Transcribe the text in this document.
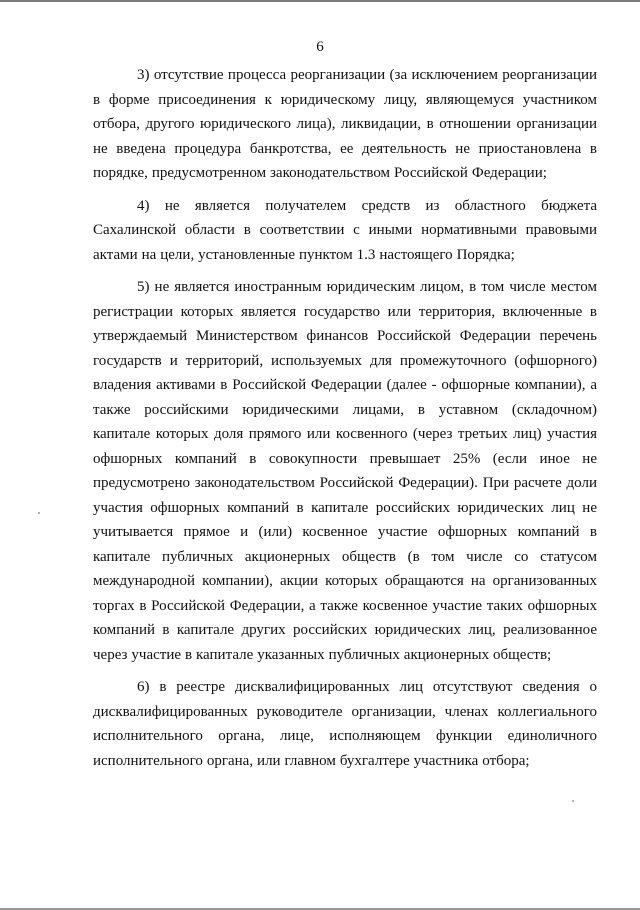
6

3) отсутствие процесса реорганизации (за исключением реорганизации в форме присоединения к юридическому лицу, являющемуся участником отбора, другого юридического лица), ликвидации, в отношении организации не введена процедура банкротства, ее деятельность не приостановлена в порядке, предусмотренном законодательством Российской Федерации;

4) не является получателем средств из областного бюджета Сахалинской области в соответствии с иными нормативными правовыми актами на цели, установленные пунктом 1.3 настоящего Порядка;

5) не является иностранным юридическим лицом, в том числе местом регистрации которых является государство или территория, включенные в утверждаемый Министерством финансов Российской Федерации перечень государств и территорий, используемых для промежуточного (офшорного) владения активами в Российской Федерации (далее - офшорные компании), а также российскими юридическими лицами, в уставном (складочном) капитале которых доля прямого или косвенного (через третьих лиц) участия офшорных компаний в совокупности превышает 25% (если иное не предусмотрено законодательством Российской Федерации). При расчете доли участия офшорных компаний в капитале российских юридических лиц не учитывается прямое и (или) косвенное участие офшорных компаний в капитале публичных акционерных обществ (в том числе со статусом международной компании), акции которых обращаются на организованных торгах в Российской Федерации, а также косвенное участие таких офшорных компаний в капитале других российских юридических лиц, реализованное через участие в капитале указанных публичных акционерных обществ;

6) в реестре дисквалифицированных лиц отсутствуют сведения о дисквалифицированных руководителе организации, членах коллегиального исполнительного органа, лице, исполняющем функции единоличного исполнительного органа, или главном бухгалтере участника отбора;
